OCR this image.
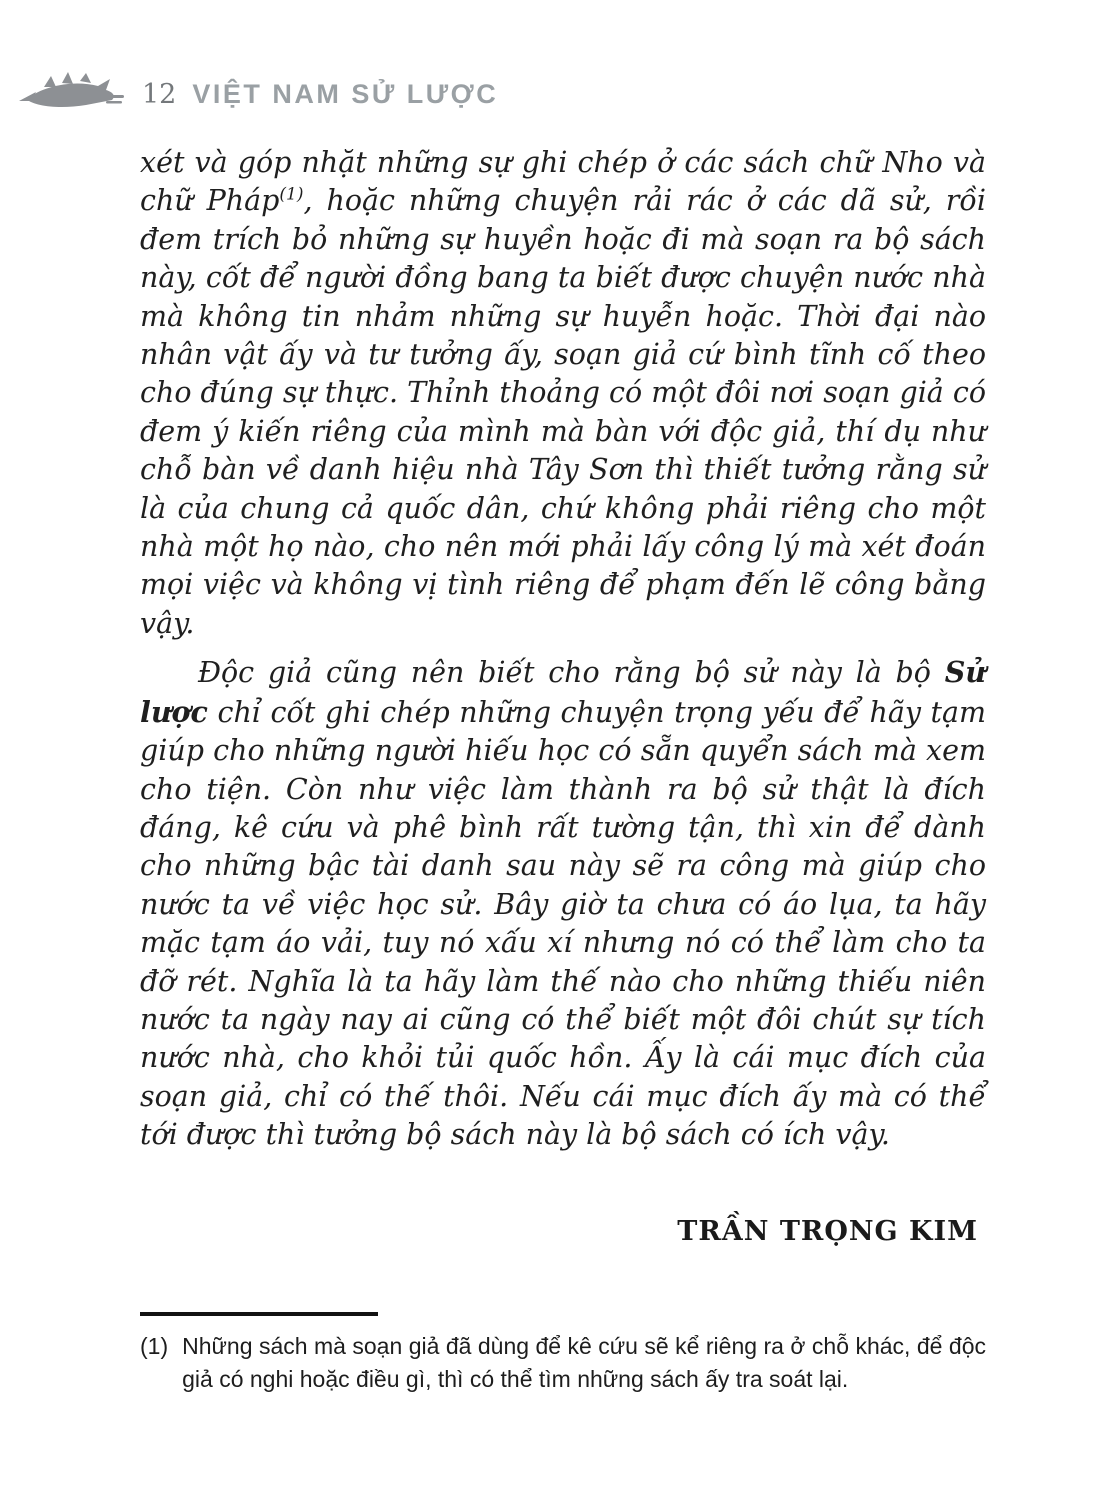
12 VIỆT NAM SỬ LƯỢC

xét và góp nhặt những sự ghi chép ở các sách chữ Nho và chữ Pháp$^{(1)}$, hoặc những chuyện rải rác ở các dã sử, rồi đem trích bỏ những sự huyền hoặc đi mà soạn ra bộ sách này, cốt để người đồng bang ta biết được chuyện nước nhà mà không tin nhảm những sự huyễn hoặc. Thời đại nào nhân vật ấy và tư tưởng ấy, soạn giả cứ bình tĩnh cố theo cho đúng sự thực. Thỉnh thoảng có một đôi nơi soạn giả có đem ý kiến riêng của mình mà bàn với độc giả, thí dụ như chỗ bàn về danh hiệu nhà Tây Sơn thì thiết tưởng rằng sử là của chung cả quốc dân, chứ không phải riêng cho một nhà một họ nào, cho nên mới phải lấy công lý mà xét đoán mọi việc và không vị tình riêng để phạm đến lẽ công bằng vậy.

Độc giả cũng nên biết cho rằng bộ sử này là bộ Sử lược chỉ cốt ghi chép những chuyện trọng yếu để hãy tạm giúp cho những người hiếu học có sẵn quyển sách mà xem cho tiện. Còn như việc làm thành ra bộ sử thật là đích đáng, kê cứu và phê bình rất tường tận, thì xin để dành cho những bậc tài danh sau này sẽ ra công mà giúp cho nước ta về việc học sử. Bây giờ ta chưa có áo lụa, ta hãy mặc tạm áo vải, tuy nó xấu xí nhưng nó có thể làm cho ta đỡ rét. Nghĩa là ta hãy làm thế nào cho những thiếu niên nước ta ngày nay ai cũng có thể biết một đôi chút sự tích nước nhà, cho khỏi tủi quốc hồn. Ấy là cái mục đích của soạn giả, chỉ có thế thôi. Nếu cái mục đích ấy mà có thể tới được thì tưởng bộ sách này là bộ sách có ích vậy.

TRẦN TRỌNG KIM
(1) Những sách mà soạn giả đã dùng để kê cứu sẽ kể riêng ra ở chỗ khác, để độc giả có nghi hoặc điều gì, thì có thể tìm những sách ấy tra soát lại.
